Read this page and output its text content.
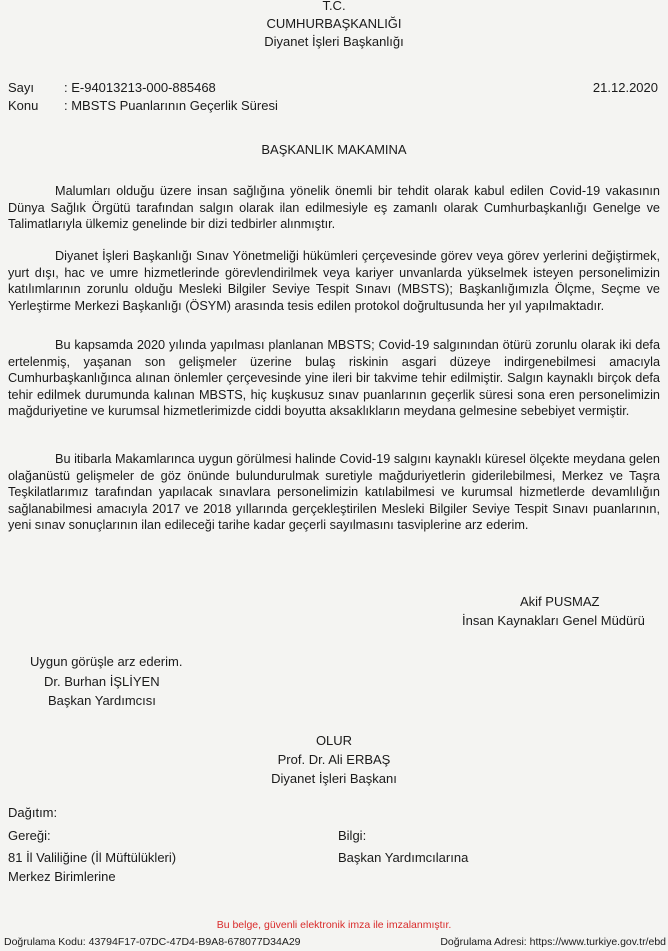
T.C.
CUMHURBAŞKANLIĞI
Diyanet İşleri Başkanlığı
Sayı : E-94013213-000-885468	21.12.2020
Konu : MBSTS Puanlarının Geçerlik Süresi
BAŞKANLIK MAKAMINA
Malumları olduğu üzere insan sağlığına yönelik önemli bir tehdit olarak kabul edilen Covid-19 vakasının Dünya Sağlık Örgütü tarafından salgın olarak ilan edilmesiyle eş zamanlı olarak Cumhurbaşkanlığı Genelge ve Talimatlarıyla ülkemiz genelinde bir dizi tedbirler alınmıştır.
Diyanet İşleri Başkanlığı Sınav Yönetmeliği hükümleri çerçevesinde görev veya görev yerlerini değiştirmek, yurt dışı, hac ve umre hizmetlerinde görevlendirilmek veya kariyer unvanlarda yükselmek isteyen personelimizin katılımlarının zorunlu olduğu Mesleki Bilgiler Seviye Tespit Sınavı (MBSTS); Başkanlığımızla Ölçme, Seçme ve Yerleştirme Merkezi Başkanlığı (ÖSYM) arasında tesis edilen protokol doğrultusunda her yıl yapılmaktadır.
Bu kapsamda 2020 yılında yapılması planlanan MBSTS; Covid-19 salgınından ötürü zorunlu olarak iki defa ertelenmiş, yaşanan son gelişmeler üzerine bulaş riskinin asgari düzeye indirgenebilmesi amacıyla Cumhurbaşkanlığınca alınan önlemler çerçevesinde yine ileri bir takvime tehir edilmiştir. Salgın kaynaklı birçok defa tehir edilmek durumunda kalınan MBSTS, hiç kuşkusuz sınav puanlarının geçerlik süresi sona eren personelimizin mağduriyetine ve kurumsal hizmetlerimizde ciddi boyutta aksaklıkların meydana gelmesine sebebiyet vermiştir.
Bu itibarla Makamlarınca uygun görülmesi halinde Covid-19 salgını kaynaklı küresel ölçekte meydana gelen olağanüstü gelişmeler de göz önünde bulundurulmak suretiyle mağduriyetlerin giderilebilmesi, Merkez ve Taşra Teşkilatlarımız tarafından yapılacak sınavlara personelimizin katılabilmesi ve kurumsal hizmetlerde devamlılığın sağlanabilmesi amacıyla 2017 ve 2018 yıllarında gerçekleştirilen Mesleki Bilgiler Seviye Tespit Sınavı puanlarının, yeni sınav sonuçlarının ilan edileceği tarihe kadar geçerli sayılmasını tasviplerine arz ederim.
Akif PUSMAZ
İnsan Kaynakları Genel Müdürü
Uygun görüşle arz ederim.
Dr. Burhan İŞLİYEN
Başkan Yardımcısı
OLUR
Prof. Dr. Ali ERBAŞ
Diyanet İşleri Başkanı
Dağıtım:
Gereği:
81 İl Valiliğine (İl Müftülükleri)
Merkez Birimlerine
Bilgi:
Başkan Yardımcılarına
Bu belge, güvenli elektronik imza ile imzalanmıştır.
Doğrulama Kodu: 43794F17-07DC-47D4-B9A8-678077D34A29	Doğrulama Adresi: https://www.turkiye.gov.tr/ebd
